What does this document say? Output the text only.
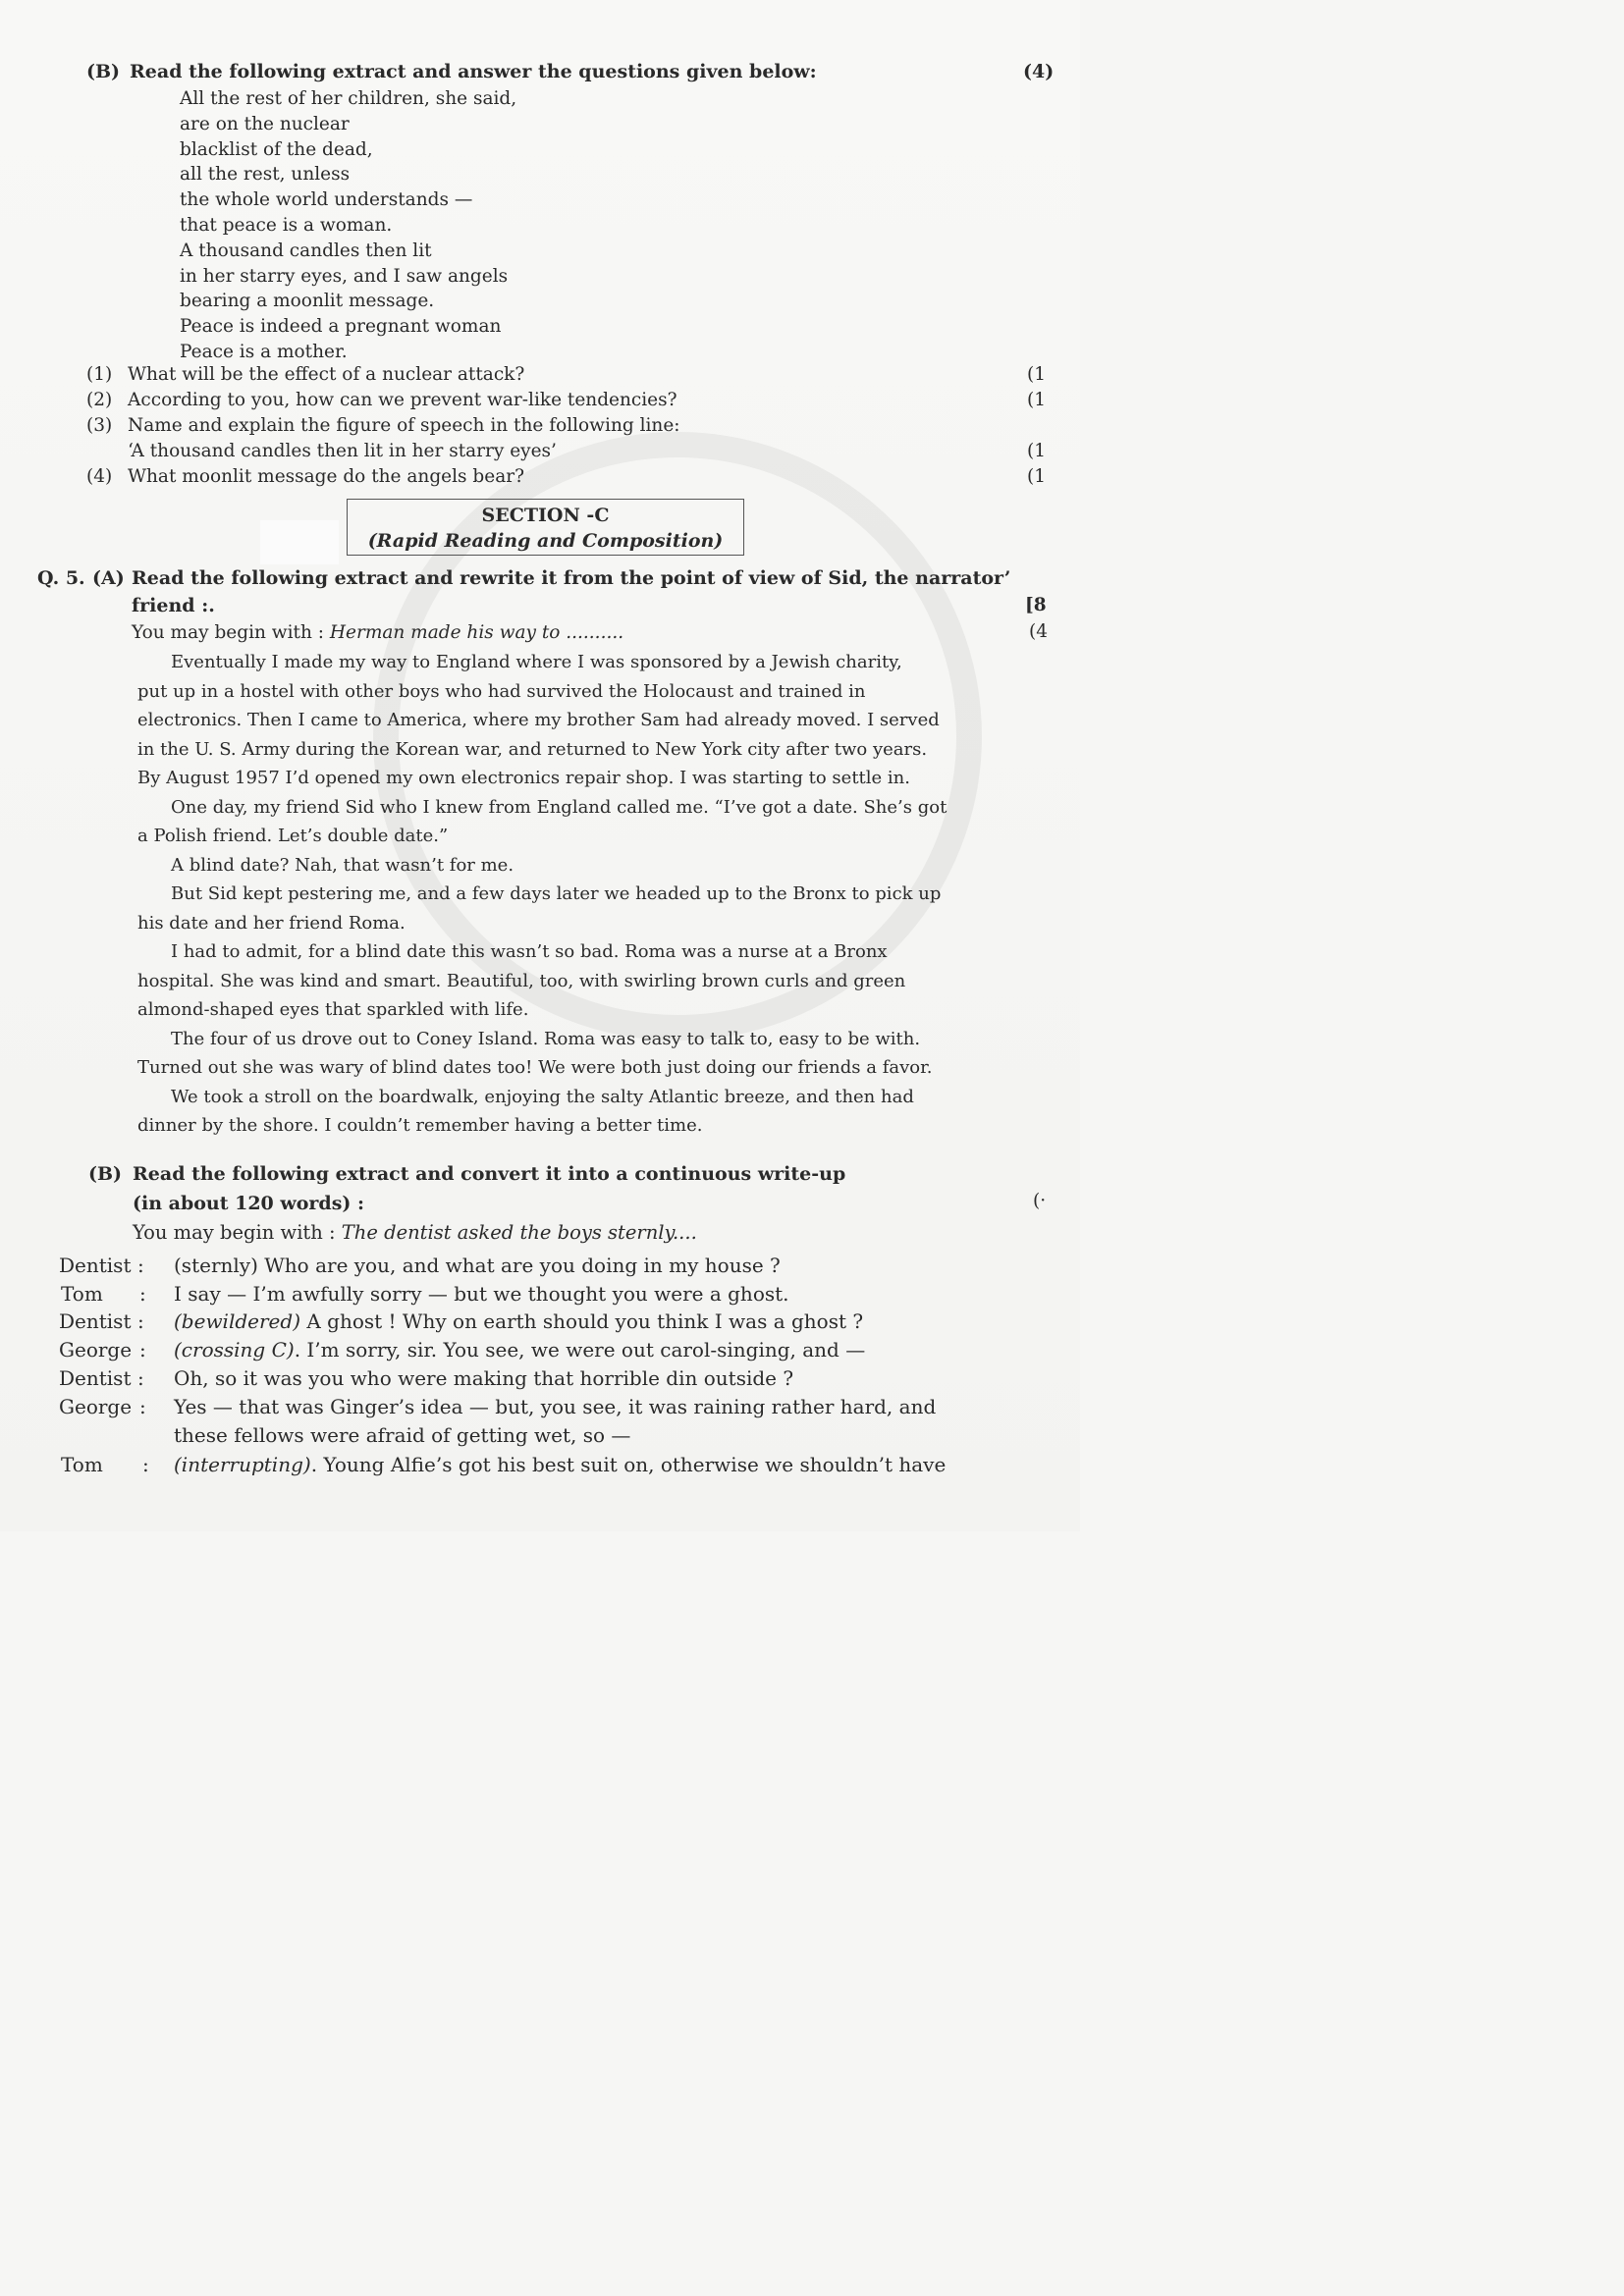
(B) Read the following extract and answer the questions given below:	(4)
All the rest of her children, she said,
are on the nuclear
blacklist of the dead,
all the rest, unless
the whole world understands —
that peace is a woman.
A thousand candles then lit
in her starry eyes, and I saw angels
bearing a moonlit message.
Peace is indeed a pregnant woman
Peace is a mother.
(1) What will be the effect of a nuclear attack?	(1
(2) According to you, how can we prevent war-like tendencies?	(1
(3) Name and explain the figure of speech in the following line:
‘A thousand candles then lit in her starry eyes’	(1
(4) What moonlit message do the angels bear?	(1
SECTION -C
(Rapid Reading and Composition)
Q. 5. (A) Read the following extract and rewrite it from the point of view of Sid, the narrator’
friend :.	[8
(4
You may begin with : Herman made his way to ..........
Eventually I made my way to England where I was sponsored by a Jewish charity,
put up in a hostel with other boys who had survived the Holocaust and trained in
electronics. Then I came to America, where my brother Sam had already moved. I served
in the U. S. Army during the Korean war, and returned to New York city after two years.
By August 1957 I’d opened my own electronics repair shop. I was starting to settle in.
One day, my friend Sid who I knew from England called me. “I’ve got a date. She’s got
a Polish friend. Let’s double date.”
A blind date? Nah, that wasn’t for me.
But Sid kept pestering me, and a few days later we headed up to the Bronx to pick up
his date and her friend Roma.
I had to admit, for a blind date this wasn’t so bad. Roma was a nurse at a Bronx
hospital. She was kind and smart. Beautiful, too, with swirling brown curls and green
almond-shaped eyes that sparkled with life.
The four of us drove out to Coney Island. Roma was easy to talk to, easy to be with.
Turned out she was wary of blind dates too! We were both just doing our friends a favor.
We took a stroll on the boardwalk, enjoying the salty Atlantic breeze, and then had
dinner by the shore. I couldn’t remember having a better time.
(B) Read the following extract and convert it into a continuous write-up
(in about 120 words) :	(·
You may begin with : The dentist asked the boys sternly....
Dentist : (sternly) Who are you, and what are you doing in my house ?
Tom : I say — I’m awfully sorry — but we thought you were a ghost.
Dentist : (bewildered) A ghost ! Why on earth should you think I was a ghost ?
George : (crossing C). I’m sorry, sir. You see, we were out carol-singing, and —
Dentist : Oh, so it was you who were making that horrible din outside ?
George : Yes — that was Ginger’s idea — but, you see, it was raining rather hard, and
these fellows were afraid of getting wet, so —
Tom : (interrupting). Young Alfie’s got his best suit on, otherwise we shouldn’t have
